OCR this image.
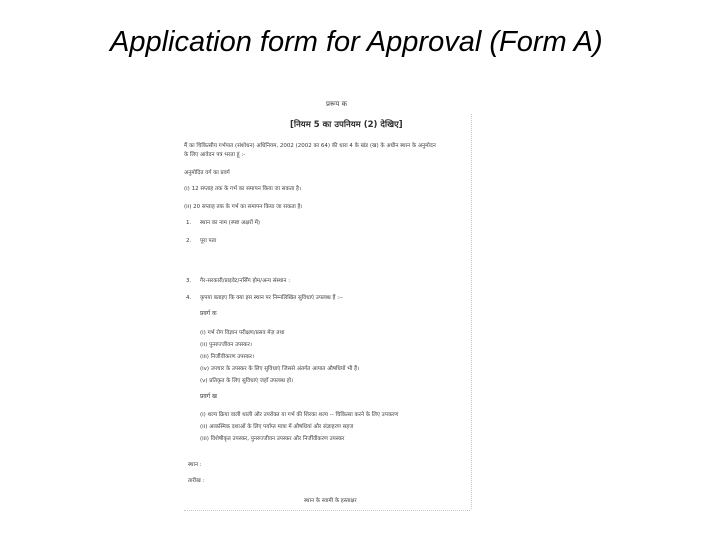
Application form for Approval (Form A)
प्ररूप क
[नियम 5 का उपनियम (2) देखिए]
मैं का चिकित्सीय गर्भपात (संशोधन) अधिनियम, 2002 (2002 का 64) की धारा 4 के खंड (ख) के अधीन स्थान के अनुमोदन
के लिए आवेदन पत्र भरता हूं :-
अनुमोदित वर्ग का प्रवर्ग
(i) 12 सप्ताह तक के गर्भ का समापन किया जा सकता है।
(ii) 20 सप्ताह तक के गर्भ का समापन किया जा सकता है।
1. स्थान का नाम (स्पष्ट अक्षरों में)
2. पूरा पता
3. गैर-सरकारी/प्राइवेट/नर्सिंग होम/अन्य संस्थान :
4. कृपया बताइए कि क्या इस स्थान पर निम्नलिखित सुविधाएं उपलब्ध हैं :--
प्रवर्ग क
(i) गर्भ रोग विज्ञान परीक्षण/प्रसव मेज़ तथा
(ii) पुनरुज्जीवन उपस्कर।
(iii) निर्जीवीकरण उपस्कर।
(iv) उपचार के उपस्कर के लिए सुविधाएं जिससे अंतर्गत आपात औषधियों भी हैं।
(v) प्रतिकृत के लिए सुविधाएं जहाँ उपलब्ध हो।
प्रवर्ग ख
(i) शल्य क्रिया वाली थाली और उपरोक्त या गर्भ की शिरका शल्य -- चिकित्सा करने के लिए उपकरण
(ii) आकस्मिक दशाओं के लिए पर्याप्त मात्रा में औषधियां और संज्ञाहरण सहज
(iii) विशेषीकृत उपस्कर, पुनरुज्जीवन उपस्कर और निर्जीवीकरण उपस्कर
स्थान :
तारीख :
स्थान के स्वामी के हस्ताक्षर
